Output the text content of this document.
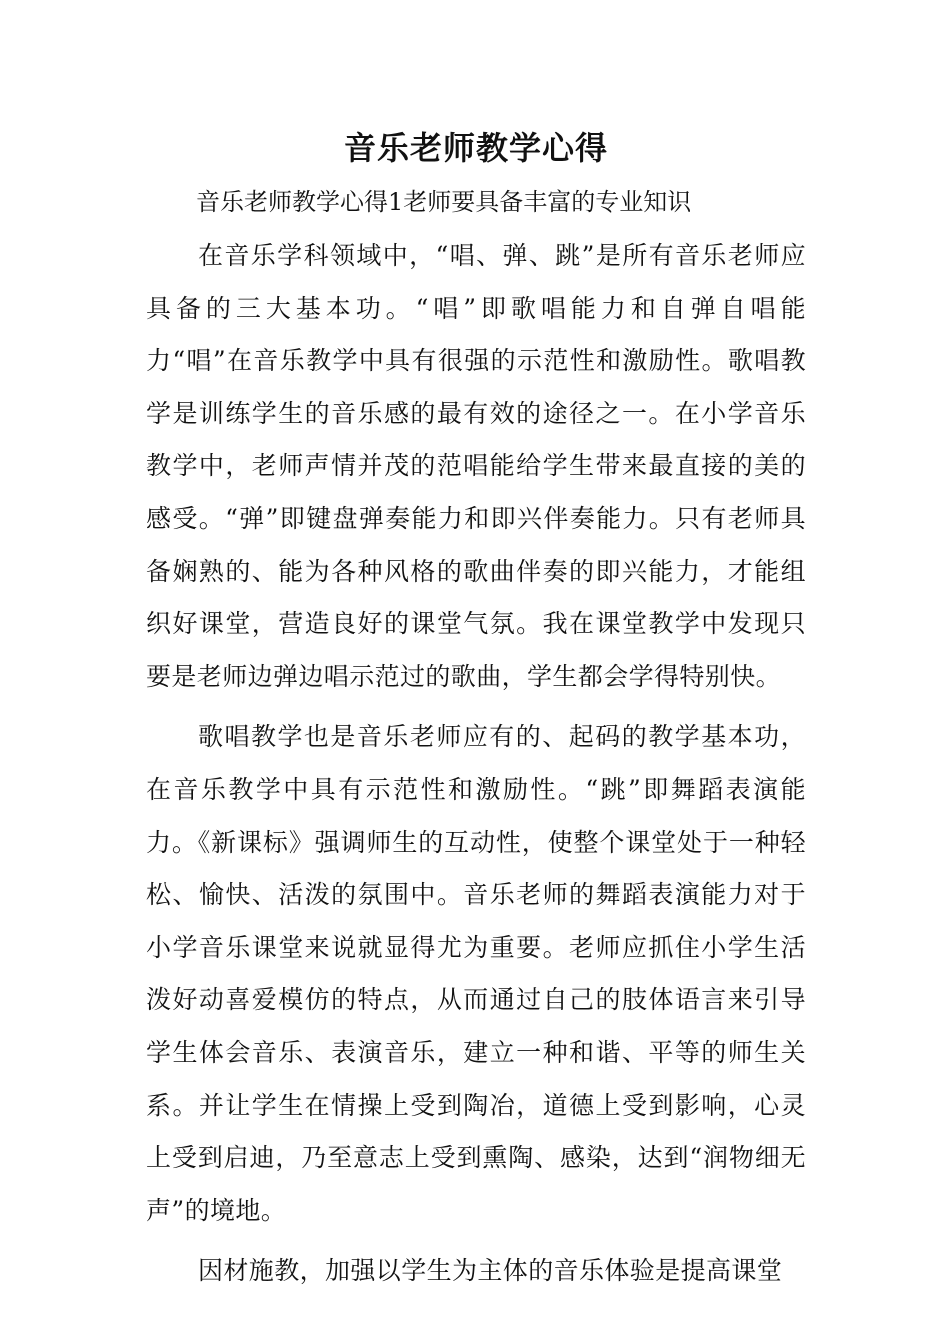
音乐老师教学心得

音乐老师教学心得1老师要具备丰富的专业知识

在音乐学科领域中，“唱、弹、跳”是所有音乐老师应具备的三大基本功。“唱”即歌唱能力和自弹自唱能力“唱”在音乐教学中具有很强的示范性和激励性。歌唱教学是训练学生的音乐感的最有效的途径之一。在小学音乐教学中，老师声情并茂的范唱能给学生带来最直接的美的感受。“弹”即键盘弹奏能力和即兴伴奏能力。只有老师具备娴熟的、能为各种风格的歌曲伴奏的即兴能力，才能组织好课堂，营造良好的课堂气氛。我在课堂教学中发现只要是老师边弹边唱示范过的歌曲，学生都会学得特别快。

歌唱教学也是音乐老师应有的、起码的教学基本功，在音乐教学中具有示范性和激励性。“跳”即舞蹈表演能力。《新课标》强调师生的互动性，使整个课堂处于一种轻松、愉快、活泼的氛围中。音乐老师的舞蹈表演能力对于小学音乐课堂来说就显得尤为重要。老师应抓住小学生活泼好动喜爱模仿的特点，从而通过自己的肢体语言来引导学生体会音乐、表演音乐，建立一种和谐、平等的师生关系。并让学生在情操上受到陶冶，道德上受到影响，心灵上受到启迪，乃至意志上受到熏陶、感染，达到“润物细无声”的境地。

因材施教，加强以学生为主体的音乐体验是提高课堂
